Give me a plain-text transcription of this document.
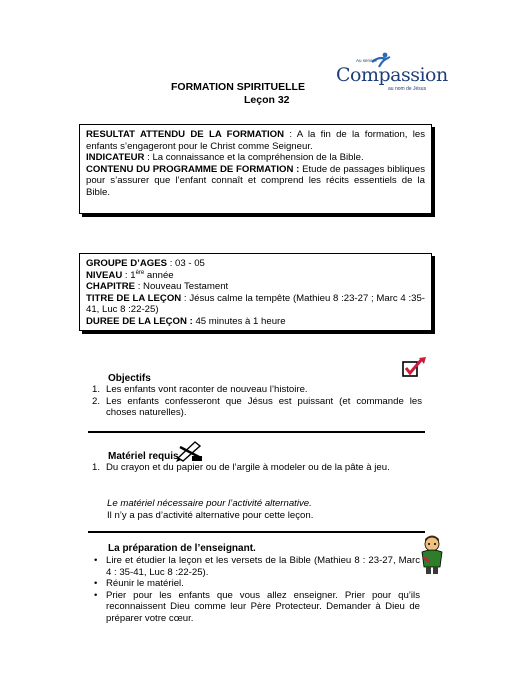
FORMATION SPIRITUELLE
Leçon 32
Au service
Compassion
au nom de Jésus

RESULTAT ATTENDU DE LA FORMATION : A la fin de la formation, les enfants s’engageront pour le Christ comme Seigneur.

INDICATEUR : La connaissance et la compréhension de la Bible.

CONTENU DU PROGRAMME DE FORMATION : Etude de passages bibliques pour s’assurer que l’enfant connaît et comprend les récits essentiels de la Bible.

GROUPE D’AGES : 03 - 05

NIVEAU : 1ère année

CHAPITRE : Nouveau Testament

TITRE DE LA LEÇON : Jésus calme la tempête (Mathieu 8 :23-27 ; Marc 4 :35-41, Luc 8 :22-25)

DUREE DE LA LEÇON : 45 minutes à 1 heure

Objectifs
1. Les enfants vont raconter de nouveau l’histoire.
2. Les enfants confesseront que Jésus est puissant (et commande les choses naturelles).
Matériel requis
1. Du crayon et du papier ou de l’argile à modeler ou de la pâte à jeu.
Le matériel nécessaire pour l’activité alternative.
Il n’y a pas d’activité alternative pour cette leçon.
La préparation de l’enseignant.
• Lire et étudier la leçon et les versets de la Bible (Mathieu 8 : 23-27, Marc 4 : 35-41, Luc 8 :22-25).
• Réunir le matériel.
• Prier pour les enfants que vous allez enseigner. Prier pour qu’ils reconnaissent Dieu comme leur Père Protecteur. Demander à Dieu de préparer votre cœur.
